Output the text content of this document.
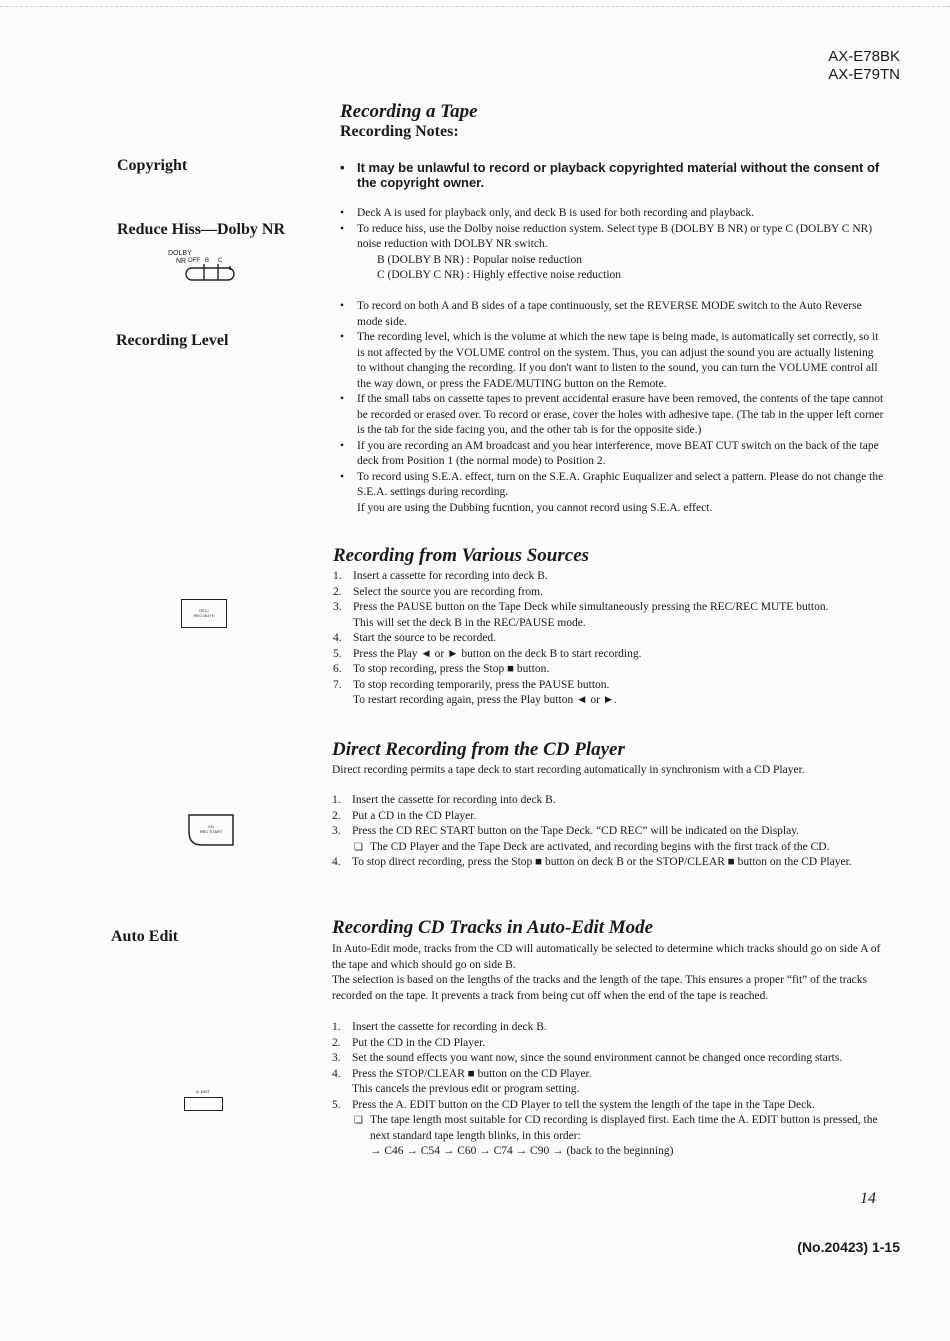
AX-E78BK
AX-E79TN
Copyright
Reduce Hiss—Dolby NR
DOLBY
NR OFF B C
Recording Level
REC/
REC MUTE
CD
REC START
Auto Edit
A. EDIT
Recording a Tape
Recording Notes:
• It may be unlawful to record or playback copyrighted material without the consent of the copyright owner.
• Deck A is used for playback only, and deck B is used for both recording and playback.
• To reduce hiss, use the Dolby noise reduction system. Select type B (DOLBY B NR) or type C (DOLBY C NR) noise reduction with DOLBY NR switch.
B (DOLBY B NR) : Popular noise reduction
C (DOLBY C NR) : Highly effective noise reduction
• To record on both A and B sides of a tape continuously, set the REVERSE MODE switch to the Auto Reverse mode side.
• The recording level, which is the volume at which the new tape is being made, is automatically set correctly, so it is not affected by the VOLUME control on the system. Thus, you can adjust the sound you are actually listening to without changing the recording. If you don't want to listen to the sound, you can turn the VOLUME control all the way down, or press the FADE/MUTING button on the Remote.
• If the small tabs on cassette tapes to prevent accidental erasure have been removed, the contents of the tape cannot be recorded or erased over. To record or erase, cover the holes with adhesive tape. (The tab in the upper left corner is the tab for the side facing you, and the other tab is for the opposite side.)
• If you are recording an AM broadcast and you hear interference, move BEAT CUT switch on the back of the tape deck from Position 1 (the normal mode) to Position 2.
• To record using S.E.A. effect, turn on the S.E.A. Graphic Euqualizer and select a pattern. Please do not change the S.E.A. settings during recording.
If you are using the Dubbing fucntion, you cannot record using S.E.A. effect.
Recording from Various Sources
1. Insert a cassette for recording into deck B.
2. Select the source you are recording from.
3. Press the PAUSE button on the Tape Deck while simultaneously pressing the REC/REC MUTE button.
This will set the deck B in the REC/PAUSE mode.
4. Start the source to be recorded.
5. Press the Play ◄ or ► button on the deck B to start recording.
6. To stop recording, press the Stop ■ button.
7. To stop recording temporarily, press the PAUSE button.
To restart recording again, press the Play button ◄ or ►.
Direct Recording from the CD Player
Direct recording permits a tape deck to start recording automatically in synchronism with a CD Player.
1. Insert the cassette for recording into deck B.
2. Put a CD in the CD Player.
3. Press the CD REC START button on the Tape Deck. “CD REC” will be indicated on the Display.
❏ The CD Player and the Tape Deck are activated, and recording begins with the first track of the CD.
4. To stop direct recording, press the Stop ■ button on deck B or the STOP/CLEAR ■ button on the CD Player.
Recording CD Tracks in Auto-Edit Mode
In Auto-Edit mode, tracks from the CD will automatically be selected to determine which tracks should go on side A of the tape and which should go on side B.
The selection is based on the lengths of the tracks and the length of the tape. This ensures a proper “fit” of the tracks recorded on the tape. It prevents a track from being cut off when the end of the tape is reached.
1. Insert the cassette for recording in deck B.
2. Put the CD in the CD Player.
3. Set the sound effects you want now, since the sound environment cannot be changed once recording starts.
4. Press the STOP/CLEAR ■ button on the CD Player.
This cancels the previous edit or program setting.
5. Press the A. EDIT button on the CD Player to tell the system the length of the tape in the Tape Deck.
❏ The tape length most suitable for CD recording is displayed first. Each time the A. EDIT button is pressed, the next standard tape length blinks, in this order:
→ C46 → C54 → C60 → C74 → C90 → (back to the beginning)
14
(No.20423) 1-15
